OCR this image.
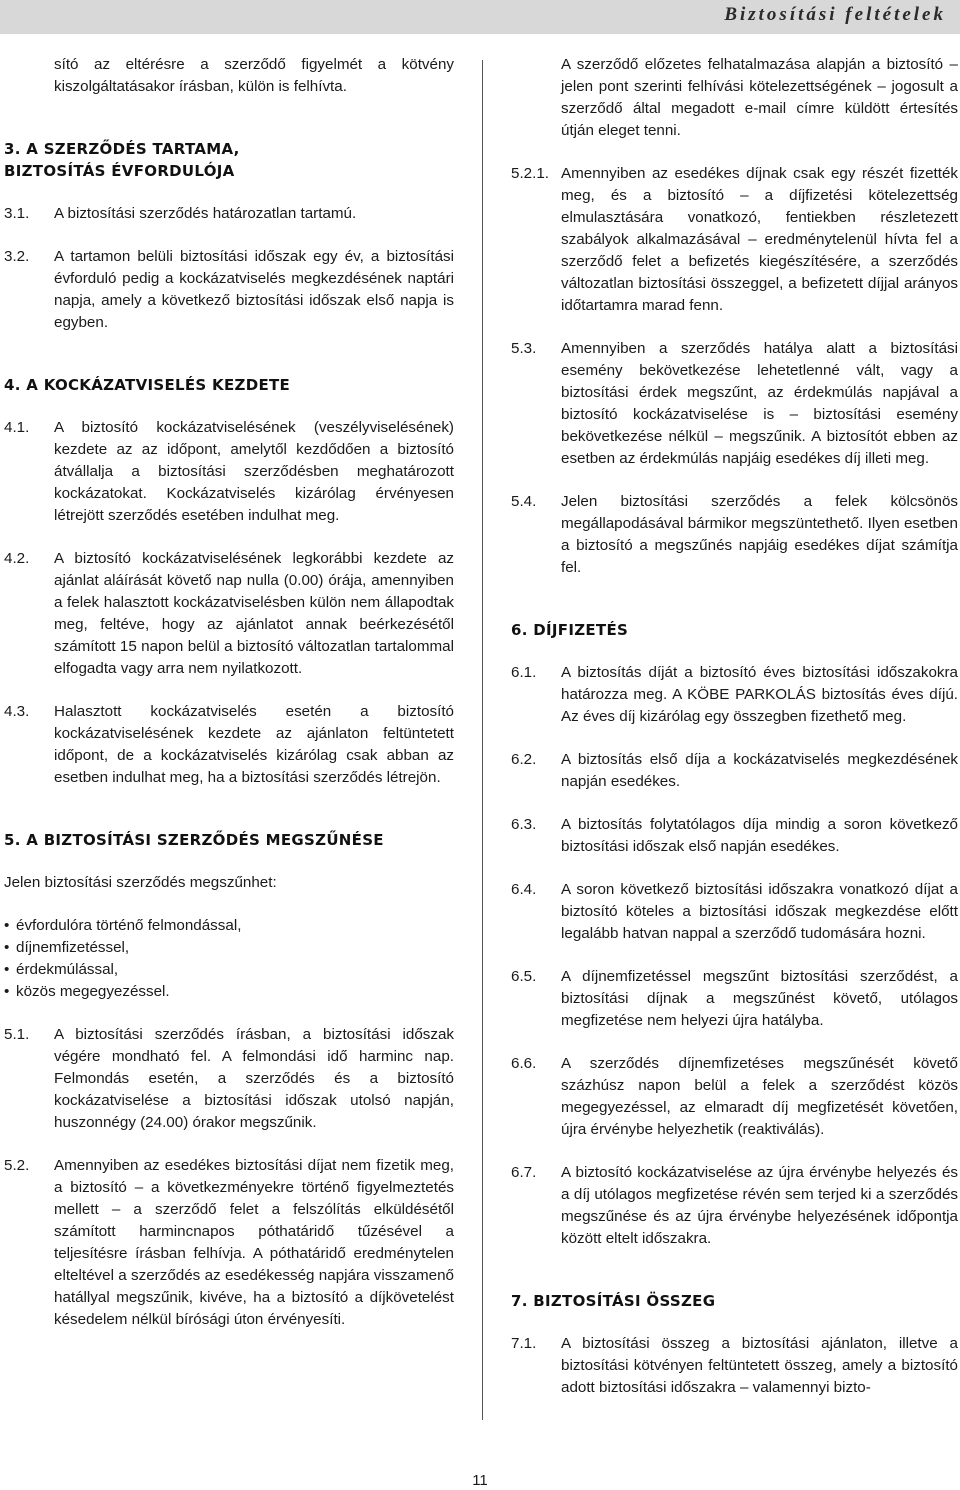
Biztosítási feltételek
sító az eltérésre a szerződő figyelmét a kötvény kiszolgáltatásakor írásban, külön is felhívta.
3. A SZERZŐDÉS TARTAMA, BIZTOSÍTÁS ÉVFORDULÓJA
3.1. A biztosítási szerződés határozatlan tartamú.
3.2. A tartamon belüli biztosítási időszak egy év, a biztosítási évforduló pedig a kockázatviselés megkezdésének naptári napja, amely a következő biztosítási időszak első napja is egyben.
4. A KOCKÁZATVISELÉS KEZDETE
4.1. A biztosító kockázatviselésének (veszélyviselésének) kezdete az az időpont, amelytől kezdődően a biztosító átvállalja a biztosítási szerződésben meghatározott kockázatokat. Kockázatviselés kizárólag érvényesen létrejött szerződés esetében indulhat meg.
4.2. A biztosító kockázatviselésének legkorábbi kezdete az ajánlat aláírását követő nap nulla (0.00) órája, amennyiben a felek halasztott kockázatviselésben külön nem állapodtak meg, feltéve, hogy az ajánlatot annak beérkezésétől számított 15 napon belül a biztosító változatlan tartalommal elfogadta vagy arra nem nyilatkozott.
4.3. Halasztott kockázatviselés esetén a biztosító kockázatviselésének kezdete az ajánlaton feltüntetett időpont, de a kockázatviselés kizárólag csak abban az esetben indulhat meg, ha a biztosítási szerződés létrejön.
5. A BIZTOSÍTÁSI SZERZŐDÉS MEGSZŰNÉSE
Jelen biztosítási szerződés megszűnhet:
• évfordulóra történő felmondással,
• díjnemfizetéssel,
• érdekmúlással,
• közös megegyezéssel.
5.1. A biztosítási szerződés írásban, a biztosítási időszak végére mondható fel. A felmondási idő harminc nap. Felmondás esetén, a szerződés és a biztosító kockázatviselése a biztosítási időszak utolsó napján, huszonnégy (24.00) órakor megszűnik.
5.2. Amennyiben az esedékes biztosítási díjat nem fizetik meg, a biztosító – a következményekre történő figyelmeztetés mellett – a szerződő felet a felszólítás elküldésétől számított harmincnapos póthatáridő tűzésével a teljesítésre írásban felhívja. A póthatáridő eredménytelen elteltével a szerződés az esedékesség napjára visszamenő hatállyal megszűnik, kivéve, ha a biztosító a díjkövetelést késedelem nélkül bírósági úton érvényesíti.
A szerződő előzetes felhatalmazása alapján a biztosító – jelen pont szerinti felhívási kötelezettségének – jogosult a szerződő által megadott e-mail címre küldött értesítés útján eleget tenni.
5.2.1. Amennyiben az esedékes díjnak csak egy részét fizették meg, és a biztosító – a díjfizetési kötelezettség elmulasztására vonatkozó, fentiekben részletezett szabályok alkalmazásával – eredménytelenül hívta fel a szerződő felet a befizetés kiegészítésére, a szerződés változatlan biztosítási összeggel, a befizetett díjjal arányos időtartamra marad fenn.
5.3. Amennyiben a szerződés hatálya alatt a biztosítási esemény bekövetkezése lehetetlenné vált, vagy a biztosítási érdek megszűnt, az érdekmúlás napjával a biztosító kockázatviselése is – biztosítási esemény bekövetkezése nélkül – megszűnik. A biztosítót ebben az esetben az érdekmúlás napjáig esedékes díj illeti meg.
5.4. Jelen biztosítási szerződés a felek kölcsönös megállapodásával bármikor megszüntethető. Ilyen esetben a biztosító a megszűnés napjáig esedékes díjat számítja fel.
6. DÍJFIZETÉS
6.1. A biztosítás díját a biztosító éves biztosítási időszakokra határozza meg. A KÖBE PARKOLÁS biztosítás éves díjú. Az éves díj kizárólag egy összegben fizethető meg.
6.2. A biztosítás első díja a kockázatviselés megkezdésének napján esedékes.
6.3. A biztosítás folytatólagos díja mindig a soron következő biztosítási időszak első napján esedékes.
6.4. A soron következő biztosítási időszakra vonatkozó díjat a biztosító köteles a biztosítási időszak megkezdése előtt legalább hatvan nappal a szerződő tudomására hozni.
6.5. A díjnemfizetéssel megszűnt biztosítási szerződést, a biztosítási díjnak a megszűnést követő, utólagos megfizetése nem helyezi újra hatályba.
6.6. A szerződés díjnemfizetéses megszűnését követő százhúsz napon belül a felek a szerződést közös megegyezéssel, az elmaradt díj megfizetését követően, újra érvénybe helyezhetik (reaktiválás).
6.7. A biztosító kockázatviselése az újra érvénybe helyezés és a díj utólagos megfizetése révén sem terjed ki a szerződés megszűnése és az újra érvénybe helyezésének időpontja között eltelt időszakra.
7. BIZTOSÍTÁSI ÖSSZEG
7.1. A biztosítási összeg a biztosítási ajánlaton, illetve a biztosítási kötvényen feltüntetett összeg, amely a biztosító adott biztosítási időszakra – valamennyi bizto-
11
